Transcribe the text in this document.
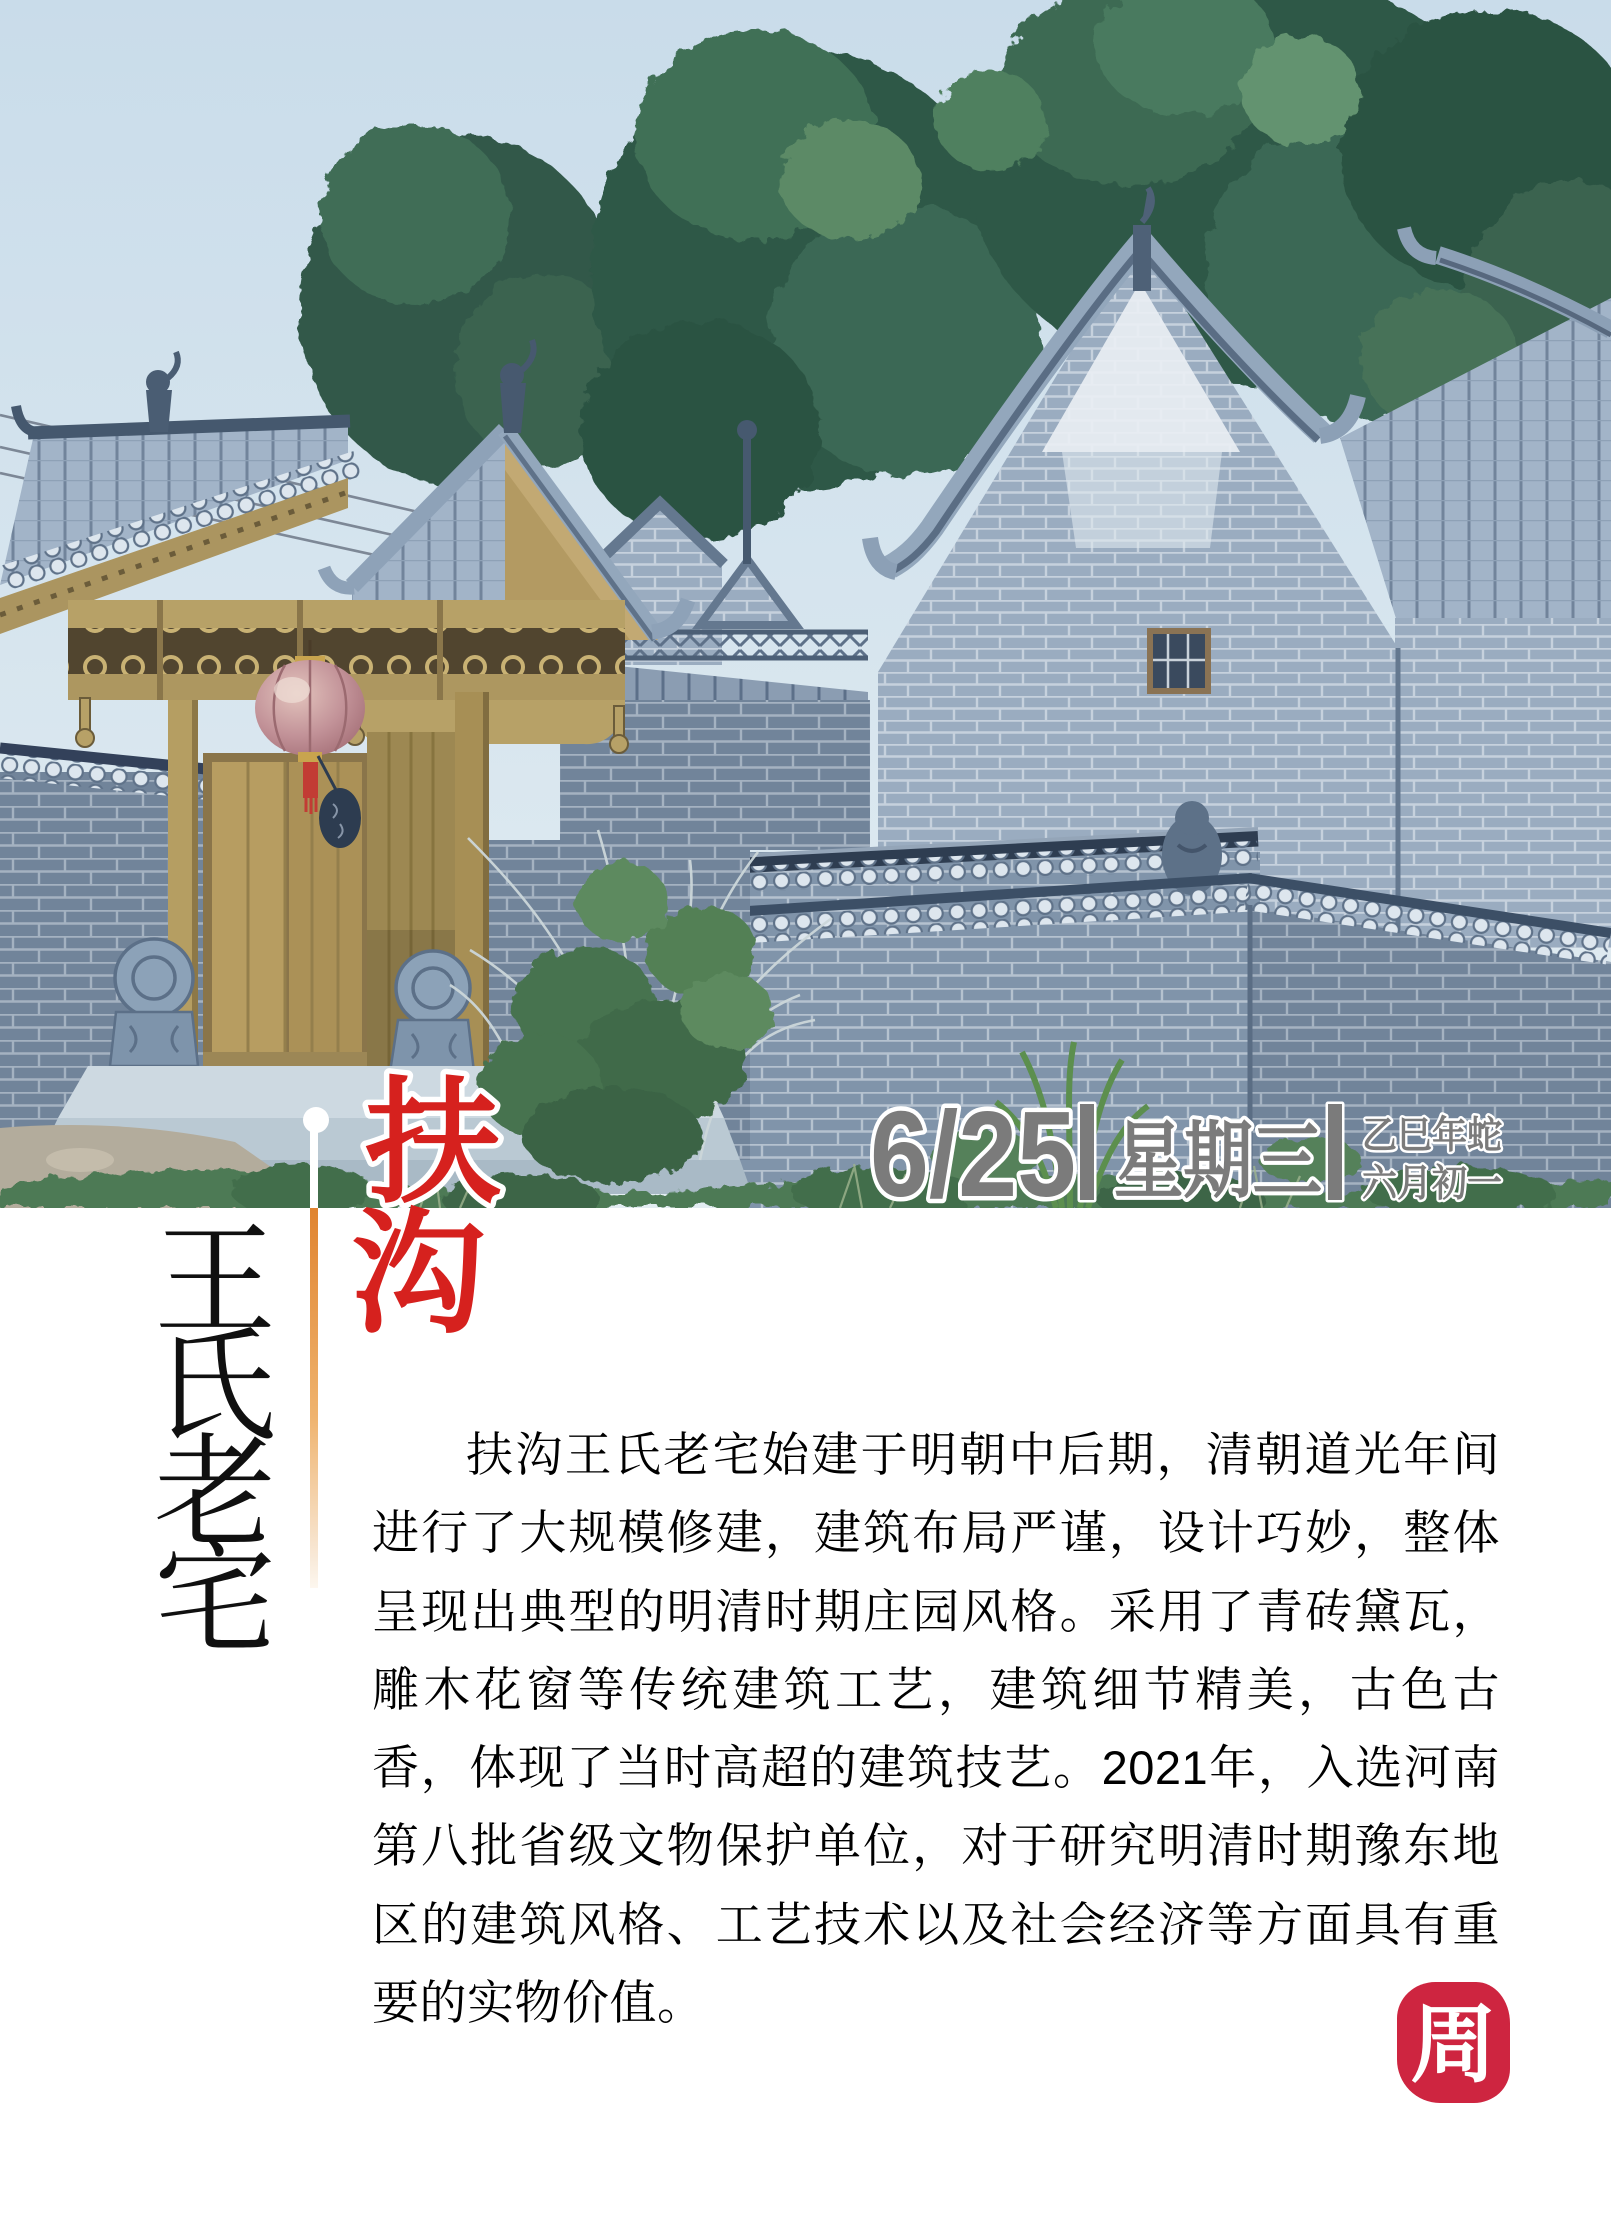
6/25 星期三 乙巳年蛇
六月初一
扶
沟
王
氏
老
宅
扶沟王氏老宅始建于明朝中后期，清朝道光年间进行了大规模修建，建筑布局严谨，设计巧妙，整体呈现出典型的明清时期庄园风格。采用了青砖黛瓦，雕木花窗等传统建筑工艺，建筑细节精美，古色古香，体现了当时高超的建筑技艺。2021年，入选河南第八批省级文物保护单位，对于研究明清时期豫东地区的建筑风格、工艺技术以及社会经济等方面具有重要的实物价值。	周
